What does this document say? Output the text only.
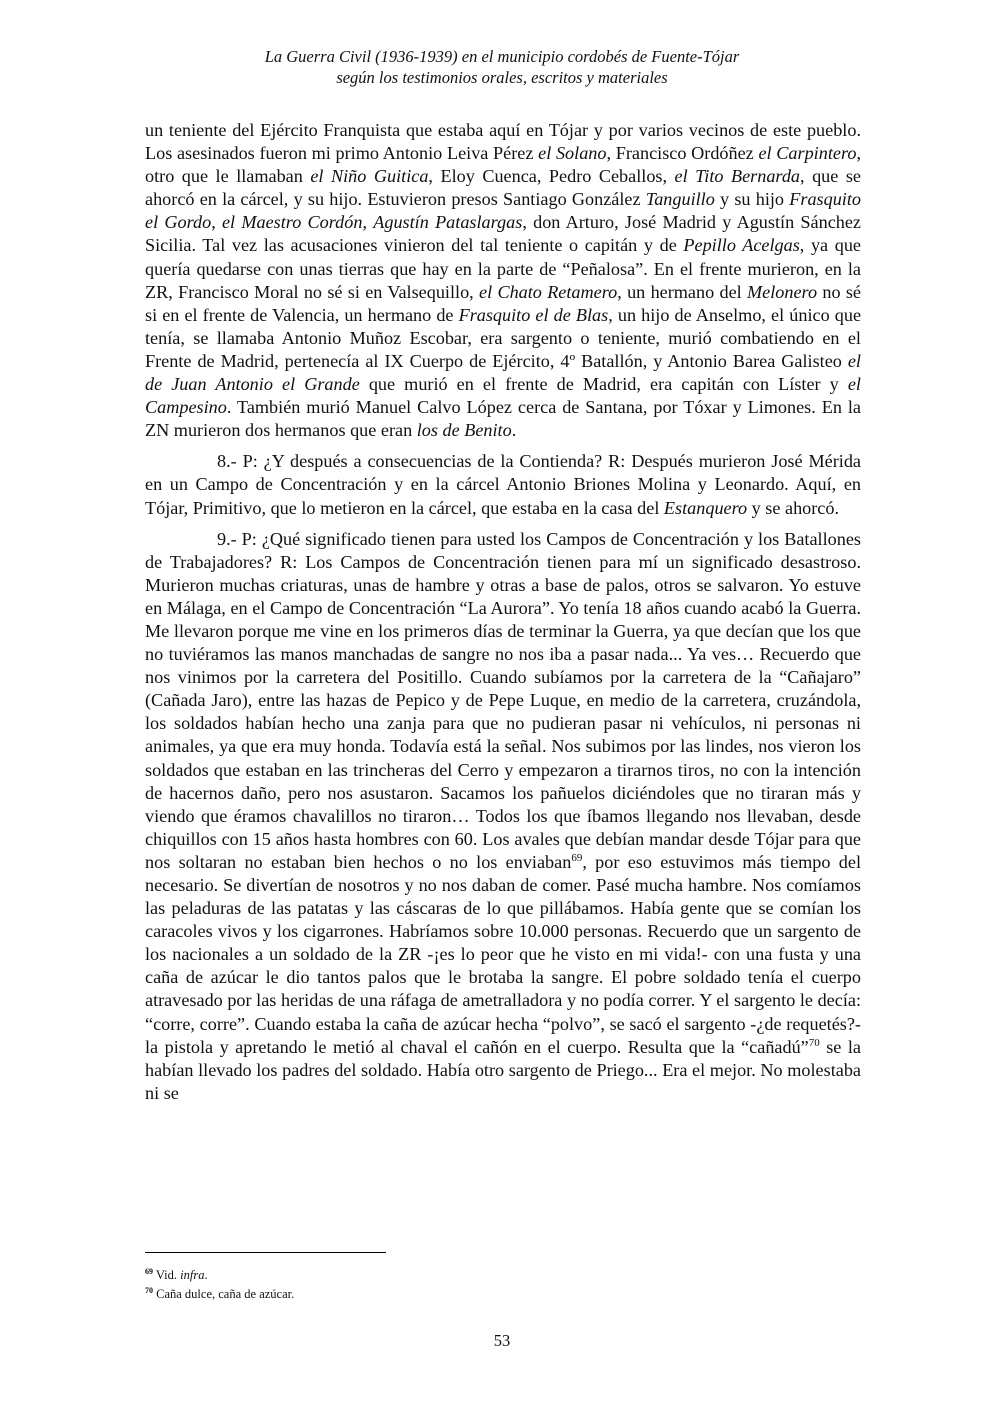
La Guerra Civil (1936-1939) en el municipio cordobés de Fuente-Tójar
según los testimonios orales, escritos y materiales

un teniente del Ejército Franquista que estaba aquí en Tójar y por varios vecinos de este pueblo. Los asesinados fueron mi primo Antonio Leiva Pérez el Solano, Francisco Ordóñez el Carpintero, otro que le llamaban el Niño Guitica, Eloy Cuenca, Pedro Ceballos, el Tito Bernarda, que se ahorcó en la cárcel, y su hijo. Estuvieron presos Santiago González Tanguillo y su hijo Frasquito el Gordo, el Maestro Cordón, Agustín Pataslargas, don Arturo, José Madrid y Agustín Sánchez Sicilia. Tal vez las acusaciones vinieron del tal teniente o capitán y de Pepillo Acelgas, ya que quería quedarse con unas tierras que hay en la parte de “Peñalosa”. En el frente murieron, en la ZR, Francisco Moral no sé si en Valsequillo, el Chato Retamero, un hermano del Melonero no sé si en el frente de Valencia, un hermano de Frasquito el de Blas, un hijo de Anselmo, el único que tenía, se llamaba Antonio Muñoz Escobar, era sargento o teniente, murió combatiendo en el Frente de Madrid, pertenecía al IX Cuerpo de Ejército, 4º Batallón, y Antonio Barea Galisteo el de Juan Antonio el Grande que murió en el frente de Madrid, era capitán con Líster y el Campesino. También murió Manuel Calvo López cerca de Santana, por Tóxar y Limones. En la ZN murieron dos hermanos que eran los de Benito.

8.- P: ¿Y después a consecuencias de la Contienda? R: Después murieron José Mérida en un Campo de Concentración y en la cárcel Antonio Briones Molina y Leonardo. Aquí, en Tójar, Primitivo, que lo metieron en la cárcel, que estaba en la casa del Estanquero y se ahorcó.

9.- P: ¿Qué significado tienen para usted los Campos de Concentración y los Batallones de Trabajadores? R: Los Campos de Concentración tienen para mí un significado desastroso. Murieron muchas criaturas, unas de hambre y otras a base de palos, otros se salvaron. Yo estuve en Málaga, en el Campo de Concentración “La Aurora”. Yo tenía 18 años cuando acabó la Guerra. Me llevaron porque me vine en los primeros días de terminar la Guerra, ya que decían que los que no tuviéramos las manos manchadas de sangre no nos iba a pasar nada... Ya ves… Recuerdo que nos vinimos por la carretera del Positillo. Cuando subíamos por la carretera de la “Cañajaro” (Cañada Jaro), entre las hazas de Pepico y de Pepe Luque, en medio de la carretera, cruzándola, los soldados habían hecho una zanja para que no pudieran pasar ni vehículos, ni personas ni animales, ya que era muy honda. Todavía está la señal. Nos subimos por las lindes, nos vieron los soldados que estaban en las trincheras del Cerro y empezaron a tirarnos tiros, no con la intención de hacernos daño, pero nos asustaron. Sacamos los pañuelos diciéndoles que no tiraran más y viendo que éramos chavalillos no tiraron… Todos los que íbamos llegando nos llevaban, desde chiquillos con 15 años hasta hombres con 60. Los avales que debían mandar desde Tójar para que nos soltaran no estaban bien hechos o no los enviaban$^{69}$, por eso estuvimos más tiempo del necesario. Se divertían de nosotros y no nos daban de comer. Pasé mucha hambre. Nos comíamos las peladuras de las patatas y las cáscaras de lo que pillábamos. Había gente que se comían los caracoles vivos y los cigarrones. Habríamos sobre 10.000 personas. Recuerdo que un sargento de los nacionales a un soldado de la ZR -¡es lo peor que he visto en mi vida!- con una fusta y una caña de azúcar le dio tantos palos que le brotaba la sangre. El pobre soldado tenía el cuerpo atravesado por las heridas de una ráfaga de ametralladora y no podía correr. Y el sargento le decía: “corre, corre”. Cuando estaba la caña de azúcar hecha “polvo”, se sacó el sargento -¿de requetés?- la pistola y apretando le metió al chaval el cañón en el cuerpo. Resulta que la “cañadú”$^{70}$ se la habían llevado los padres del soldado. Había otro sargento de Priego... Era el mejor. No molestaba ni se

$^{69}$ Vid. infra.
$^{70}$ Caña dulce, caña de azúcar.
53
